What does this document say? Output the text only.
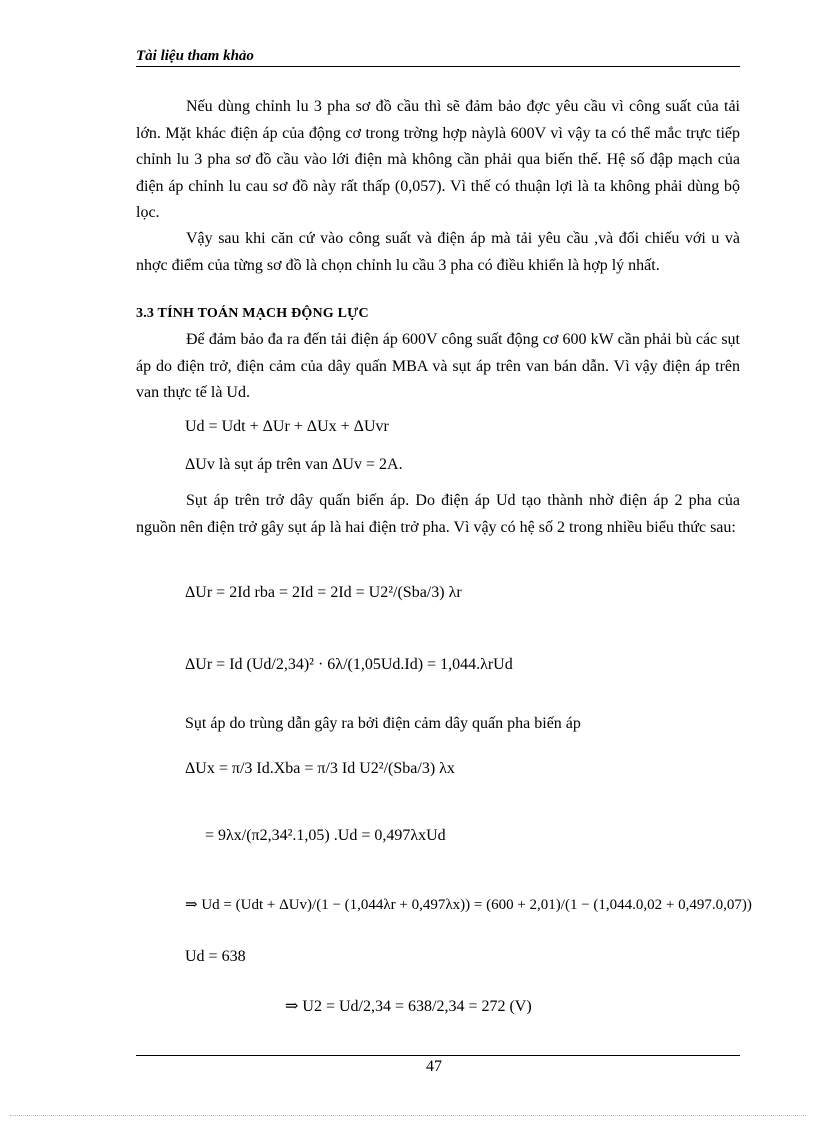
Tài liệu tham khảo
Nếu dùng chỉnh lu 3 pha sơ đồ cầu thì sẽ đảm bảo đợc yêu cầu vì công suất của tải lớn. Mặt khác điện áp của động cơ trong trờng hợp nàylà 600V vì vậy ta có thể mắc trực tiếp chỉnh lu 3 pha sơ đồ cầu vào lới điện mà không cần phải qua biến thế. Hệ số đập mạch của điện áp chỉnh lu cau sơ đồ này rất thấp (0,057). Vì thế có thuận lợi là ta không phải dùng bộ lọc.
Vậy sau khi căn cứ vào công suất và điện áp mà tải yêu cầu ,và đối chiếu với u và nhợc điểm của từng sơ đồ là chọn chỉnh lu cầu 3 pha có điều khiển là hợp lý nhất.
3.3 TÍNH TOÁN MẠCH ĐỘNG LỰC
Để đảm bảo đa ra đến tải điện áp 600V công suất động cơ 600 kW cần phải bù các sụt áp do điện trở, điện cảm của dây quấn MBA và sụt áp trên van bán dẫn. Vì vậy điện áp trên van thực tế là Ud.
Ud = Udt + ΔUr + ΔUx + ΔUvr
ΔUv là sụt áp trên van ΔUv = 2A.
Sụt áp trên trở dây quấn biến áp. Do điện áp Ud tạo thành nhờ điện áp 2 pha của nguồn nên điện trở gây sụt áp là hai điện trở pha. Vì vậy có hệ số 2 trong nhiều biểu thức sau:
ΔUr = 2Id rba = 2Id = 2Id = U2²/(Sba/3) λr
ΔUr = Id (Ud/2,34)² · 6λ/(1,05Ud.Id) = 1,044.λrUd
Sụt áp do trùng dẫn gây ra bởi điện cảm dây quấn pha biến áp
ΔUx = π/3 Id.Xba = π/3 Id U2²/(Sba/3) λx
= 9λx/(π2,34².1,05) .Ud = 0,497λxUd
⇒ Ud = (Udt + ΔUv)/(1 − (1,044λr + 0,497λx)) = (600 + 2,01)/(1 − (1,044.0,02 + 0,497.0,07))
Ud = 638
⇒ U2 = Ud/2,34 = 638/2,34 = 272 (V)
47
